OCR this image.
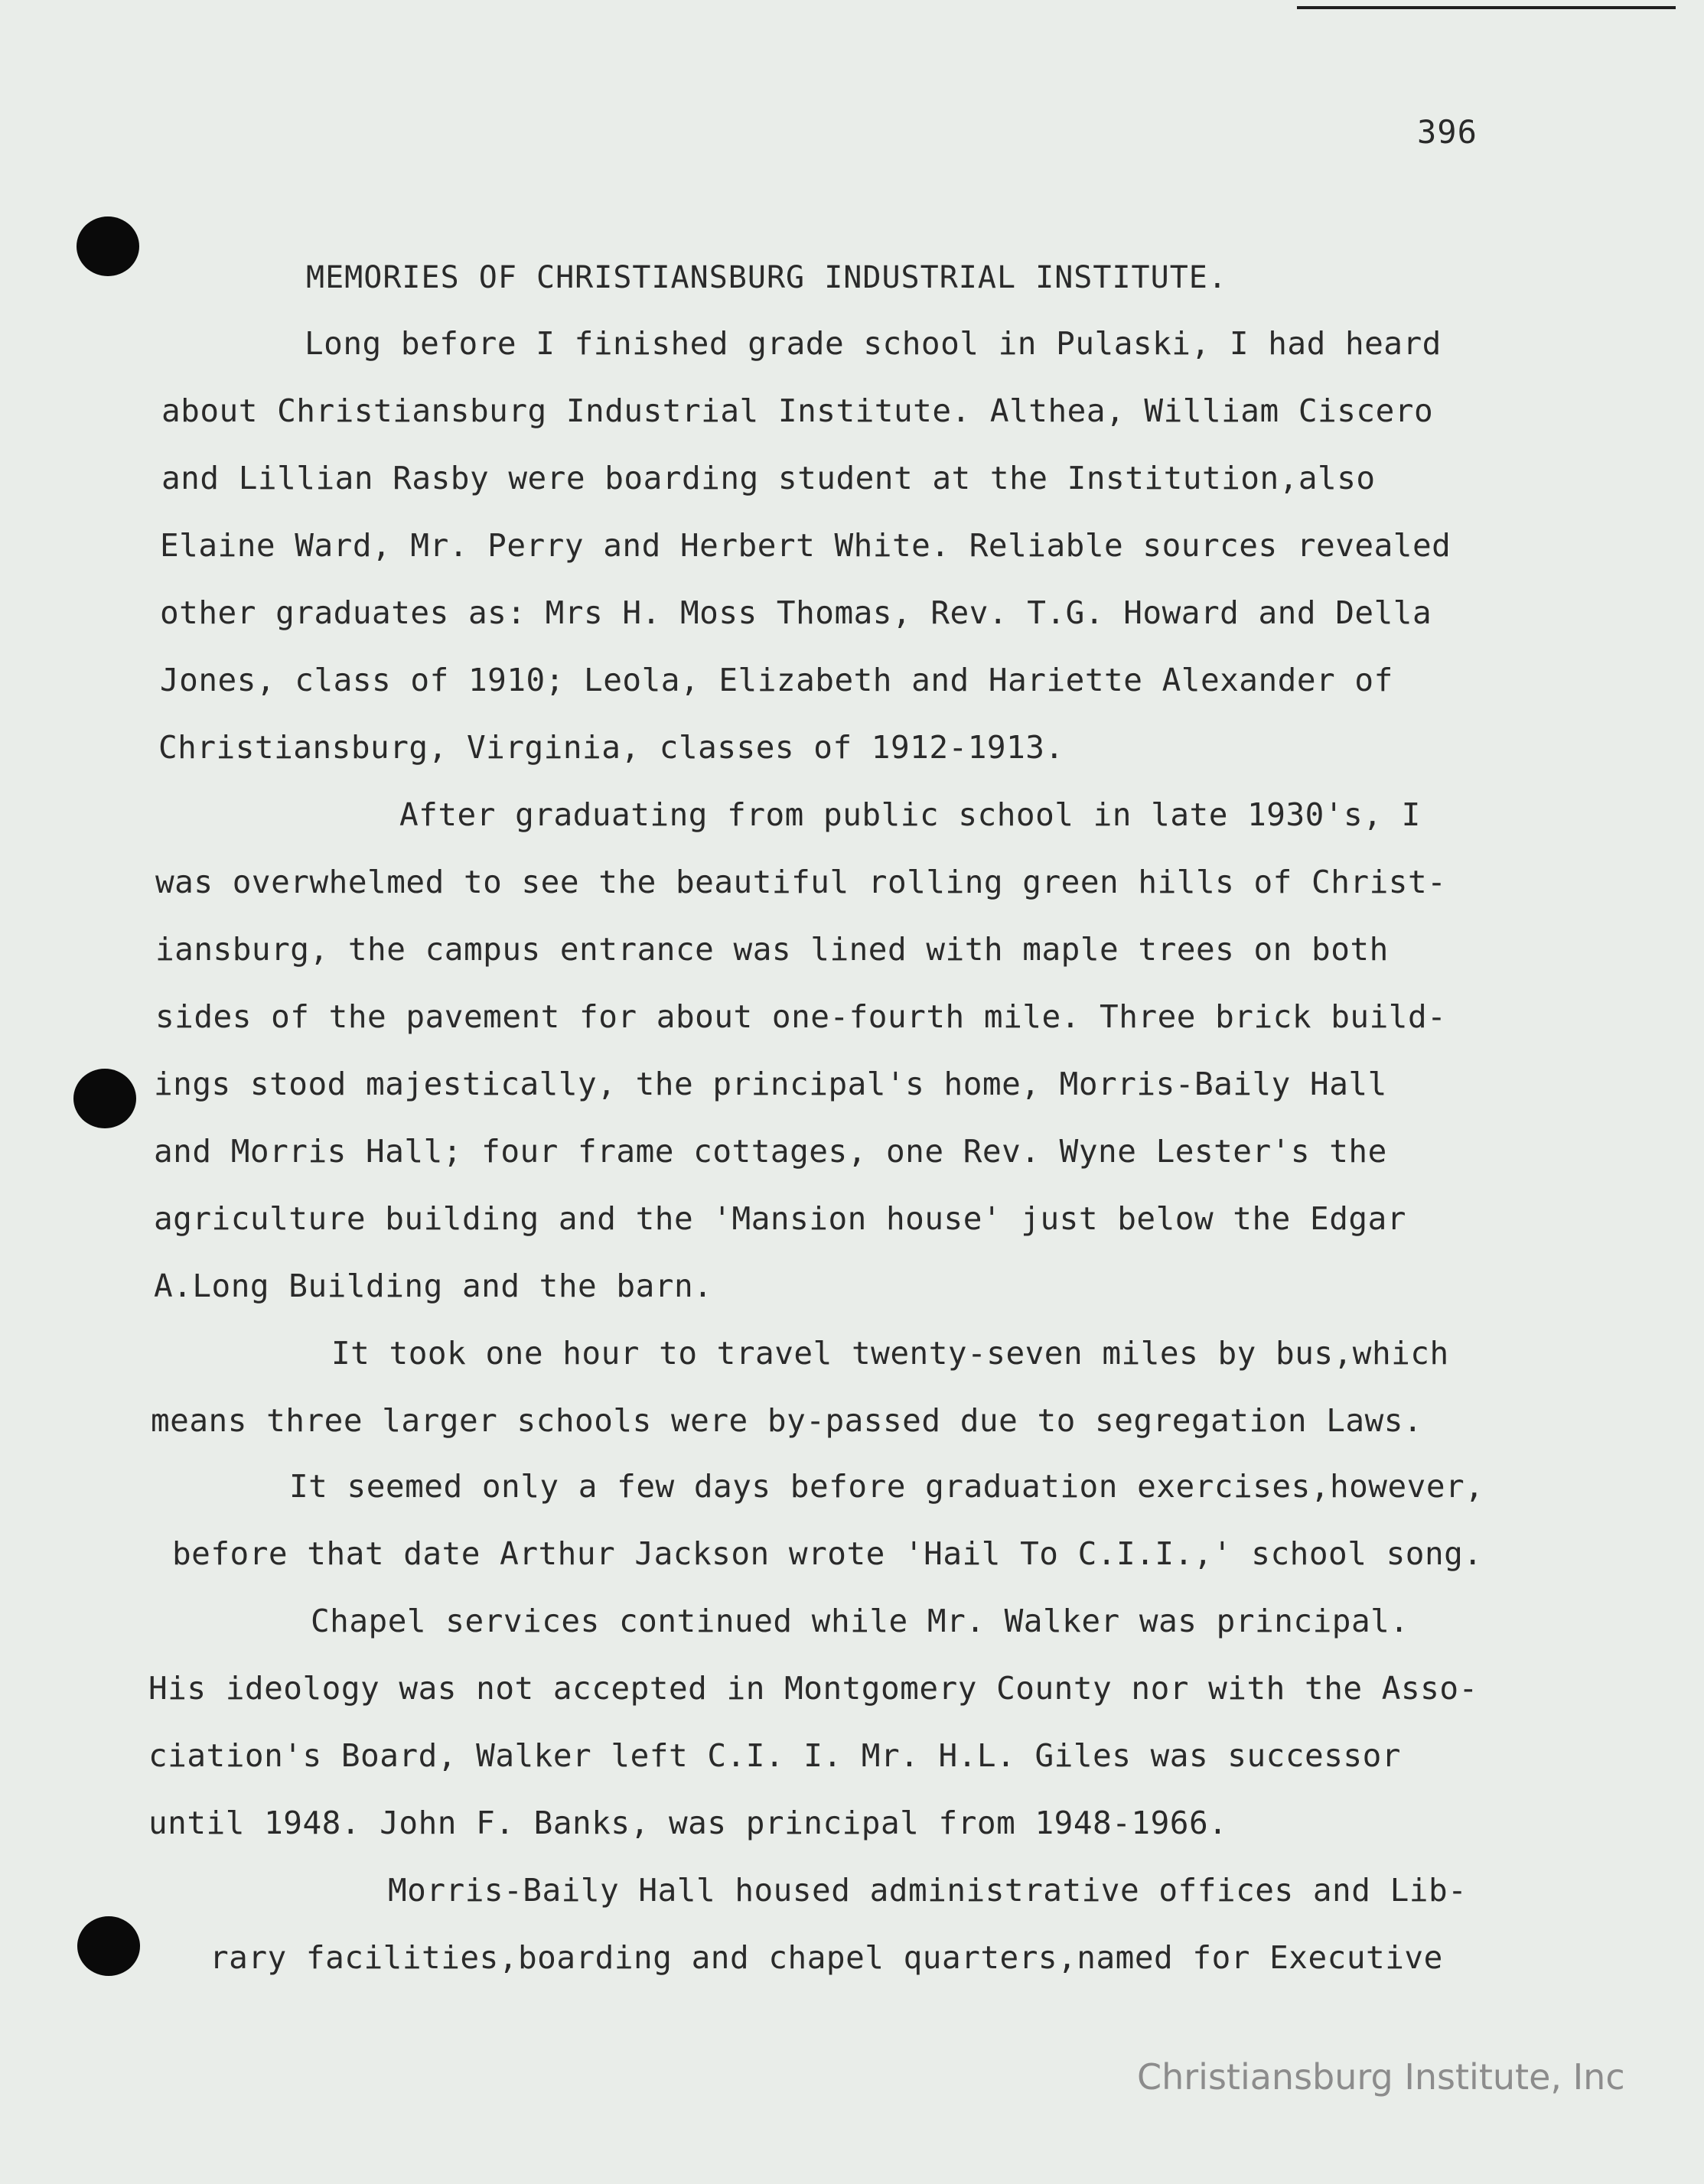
396
MEMORIES OF CHRISTIANSBURG INDUSTRIAL INSTITUTE.
Long before I finished grade school in Pulaski, I had heard
about Christiansburg Industrial Institute. Althea, William Ciscero
and Lillian Rasby were boarding student at the Institution,also
Elaine Ward, Mr. Perry and Herbert White. Reliable sources revealed
other graduates as: Mrs H. Moss Thomas, Rev. T.G. Howard and Della
Jones, class of 1910; Leola, Elizabeth and Hariette Alexander of
Christiansburg, Virginia, classes of 1912-1913.
After graduating from public school in late 1930's, I
was overwhelmed to see the beautiful rolling green hills of Christ-
iansburg, the campus entrance was lined with maple trees on both
sides of the pavement for about one-fourth mile. Three brick build-
ings stood majestically, the principal's home, Morris-Baily Hall
and Morris Hall; four frame cottages, one Rev. Wyne Lester's the
agriculture building and the 'Mansion house' just below the Edgar
A.Long Building and the barn.
It took one hour to travel twenty-seven miles by bus,which
means three larger schools were by-passed due to segregation Laws.
It seemed only a few days before graduation exercises,however,
before that date Arthur Jackson wrote 'Hail To C.I.I.,' school song.
Chapel services continued while Mr. Walker was principal.
His ideology was not accepted in Montgomery County nor with the Asso-
ciation's Board, Walker left C.I. I. Mr. H.L. Giles was successor
until 1948. John F. Banks, was principal from 1948-1966.
Morris-Baily Hall housed administrative offices and Lib-
rary facilities,boarding and chapel quarters,named for Executive
Christiansburg Institute, Inc
